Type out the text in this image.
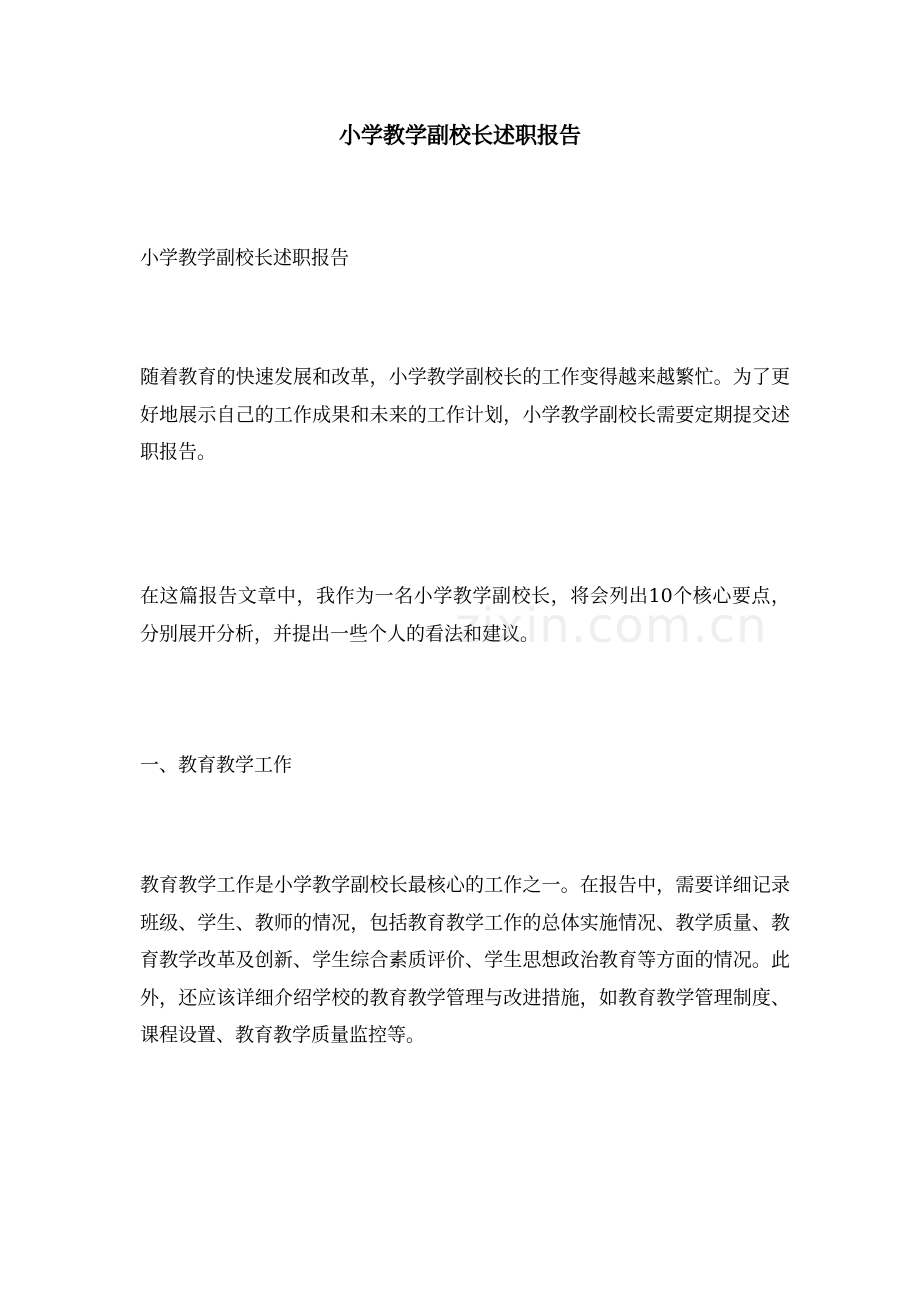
小学教学副校长述职报告

小学教学副校长述职报告

随着教育的快速发展和改革，小学教学副校长的工作变得越来越繁忙。为了更好地展示自己的工作成果和未来的工作计划，小学教学副校长需要定期提交述职报告。

在这篇报告文章中，我作为一名小学教学副校长，将会列出10个核心要点，分别展开分析，并提出一些个人的看法和建议。

一、教育教学工作

教育教学工作是小学教学副校长最核心的工作之一。在报告中，需要详细记录班级、学生、教师的情况，包括教育教学工作的总体实施情况、教学质量、教育教学改革及创新、学生综合素质评价、学生思想政治教育等方面的情况。此外，还应该详细介绍学校的教育教学管理与改进措施，如教育教学管理制度、课程设置、教育教学质量监控等。

zixin.com.cn
